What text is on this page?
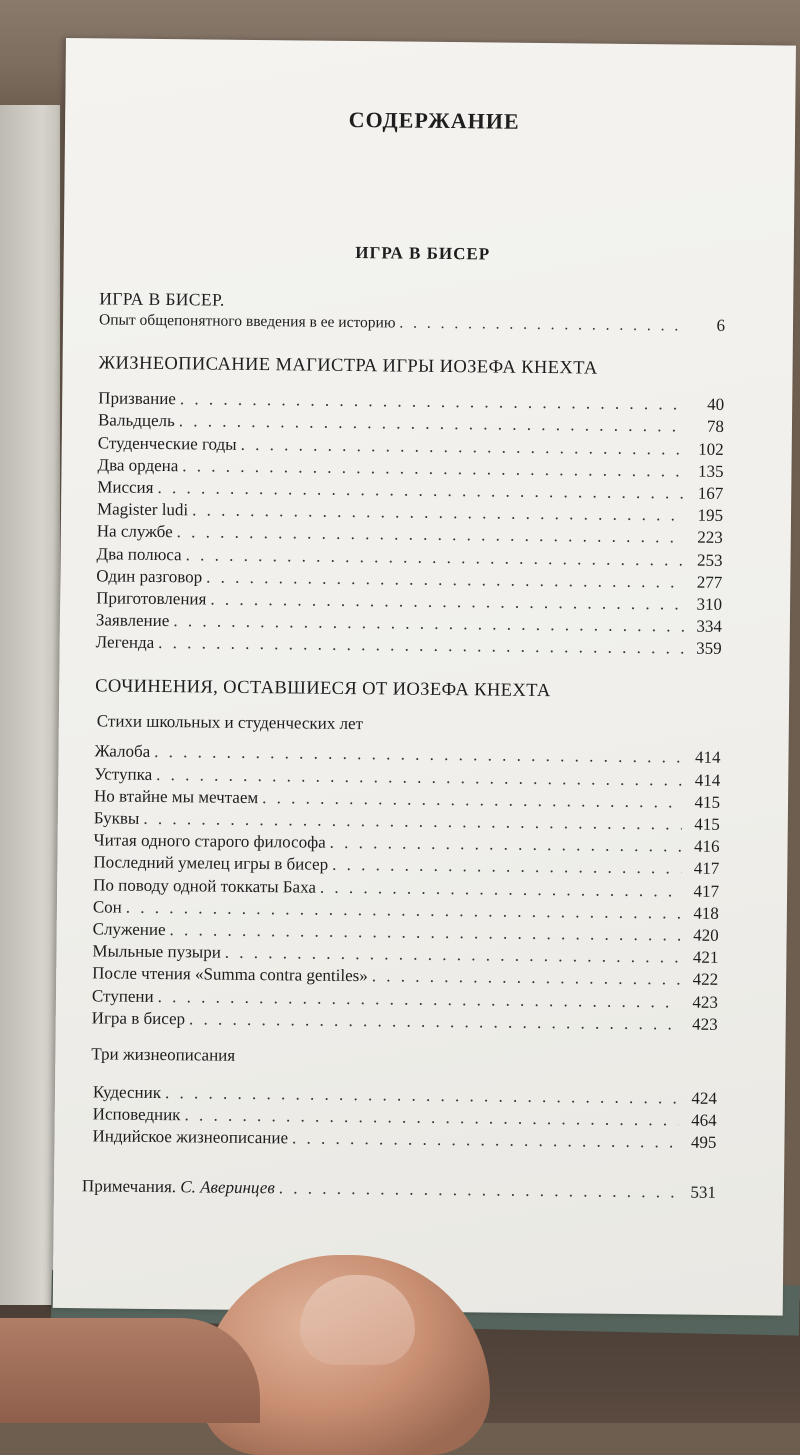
СОДЕРЖАНИЕ
ИГРА В БИСЕР
ИГРА В БИСЕР.
Опыт общепонятного введения в ее историю . . .	6
ЖИЗНЕОПИСАНИЕ МАГИСТРА ИГРЫ ИОЗЕФА КНЕХТА
Призвание . . .	40
Вальдцель . . .	78
Студенческие годы . . .	102
Два ордена . . .	135
Миссия . . .	167
Magister ludi . . .	195
На службе . . .	223
Два полюса . . .	253
Один разговор . . .	277
Приготовления . . .	310
Заявление . . .	334
Легенда . . .	359
СОЧИНЕНИЯ, ОСТАВШИЕСЯ ОТ ИОЗЕФА КНЕХТА
Стихи школьных и студенческих лет
Жалоба . . .	414
Уступка . . .	414
Но втайне мы мечтаем . . .	415
Буквы . . .	415
Читая одного старого философа . . .	416
Последний умелец игры в бисер . . .	417
По поводу одной токкаты Баха . . .	417
Сон . . .	418
Служение . . .	420
Мыльные пузыри . . .	421
После чтения «Summa contra gentiles» . . .	422
Ступени . . .	423
Игра в бисер . . .	423
Три жизнеописания
Кудесник . . .	424
Исповедник . . .	464
Индийское жизнеописание . . .	495
Примечания. С. Аверинцев . . .	531
